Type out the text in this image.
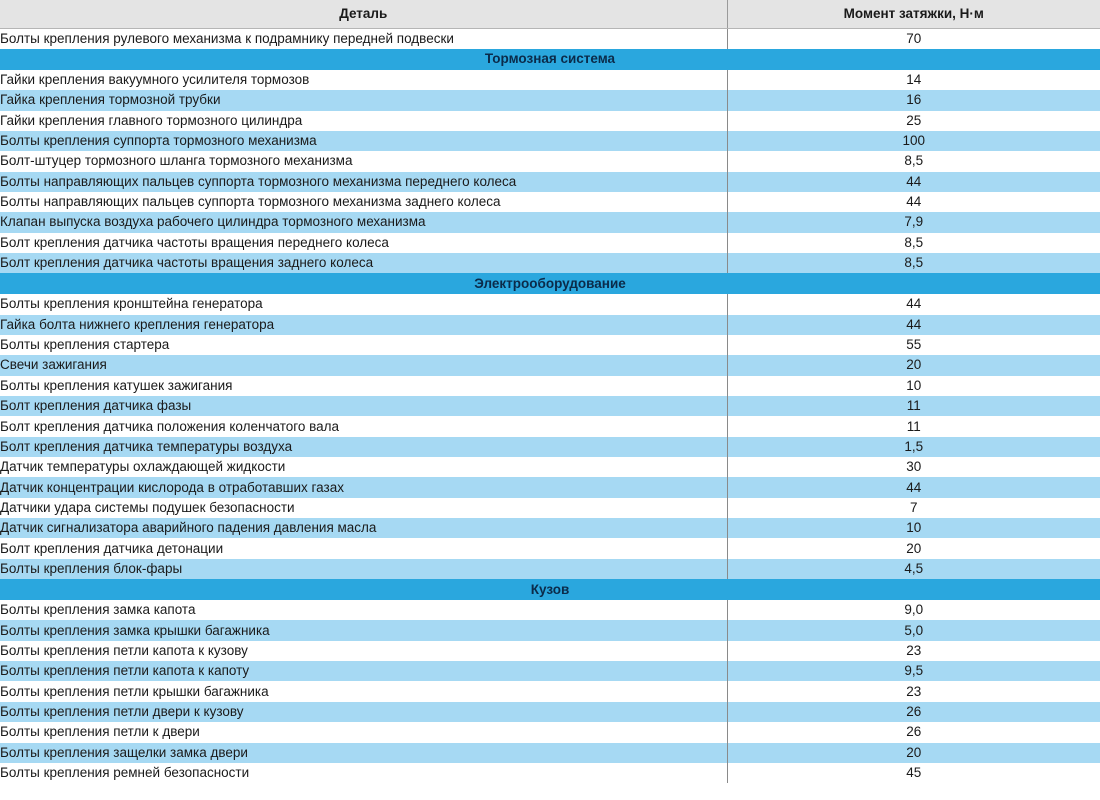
Деталь	Момент затяжки, Н·м
Болты крепления рулевого механизма к подрамнику передней подвески	70
Тормозная система	
Гайки крепления вакуумного усилителя тормозов	14
Гайка крепления тормозной трубки	16
Гайки крепления главного тормозного цилиндра	25
Болты крепления суппорта тормозного механизма	100
Болт-штуцер тормозного шланга тормозного механизма	8,5
Болты направляющих пальцев суппорта тормозного механизма переднего колеса	44
Болты направляющих пальцев суппорта тормозного механизма заднего колеса	44
Клапан выпуска воздуха рабочего цилиндра тормозного механизма	7,9
Болт крепления датчика частоты вращения переднего колеса	8,5
Болт крепления датчика частоты вращения заднего колеса	8,5
Электрооборудование	
Болты крепления кронштейна генератора	44
Гайка болта нижнего крепления генератора	44
Болты крепления стартера	55
Свечи зажигания	20
Болты крепления катушек зажигания	10
Болт крепления датчика фазы	11
Болт крепления датчика положения коленчатого вала	11
Болт крепления датчика температуры воздуха	1,5
Датчик температуры охлаждающей жидкости	30
Датчик концентрации кислорода в отработавших газах	44
Датчики удара системы подушек безопасности	7
Датчик сигнализатора аварийного падения давления масла	10
Болт крепления датчика детонации	20
Болты крепления блок-фары	4,5
Кузов	
Болты крепления замка капота	9,0
Болты крепления замка крышки багажника	5,0
Болты крепления петли капота к кузову	23
Болты крепления петли капота к капоту	9,5
Болты крепления петли крышки багажника	23
Болты крепления петли двери к кузову	26
Болты крепления петли к двери	26
Болты крепления защелки замка двери	20
Болты крепления ремней безопасности	45
